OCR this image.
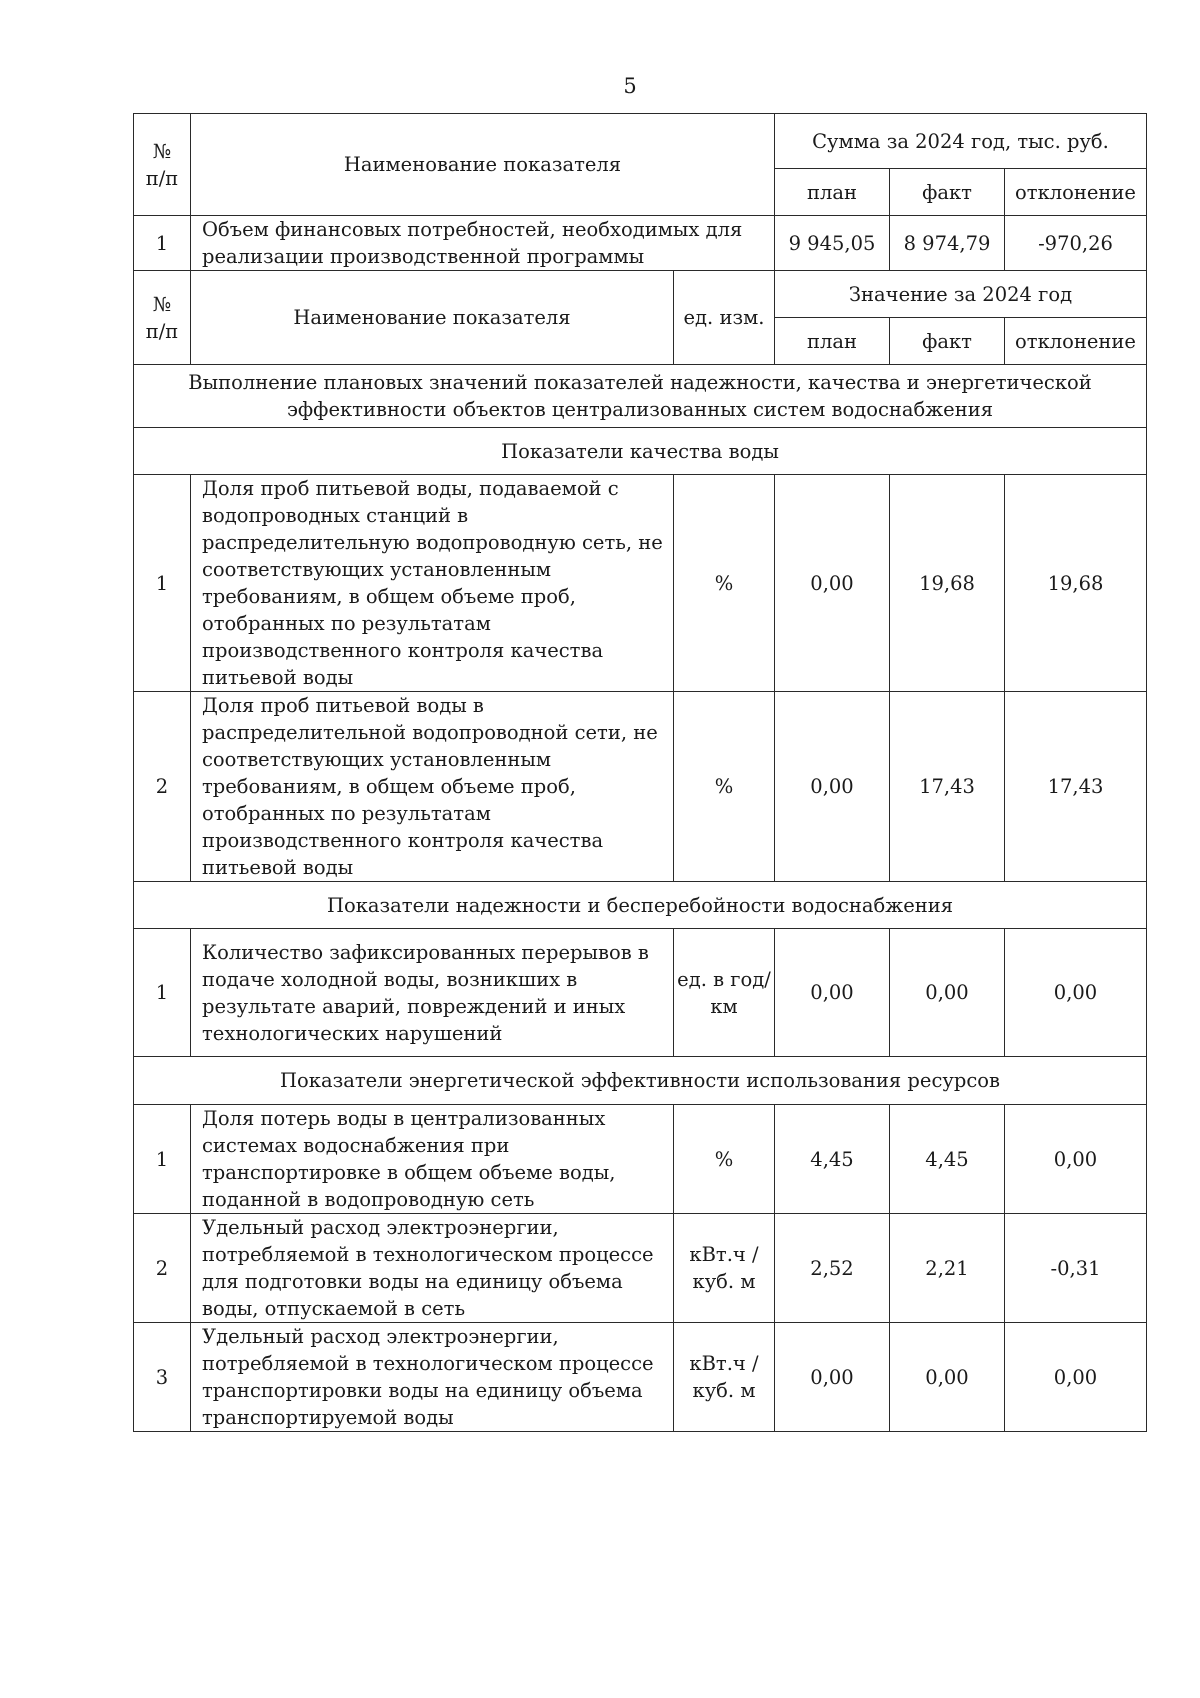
5
№
п/п	Наименование показателя		Сумма за 2024 год, тыс. руб.		
			план	факт	отклонение
1	Объем финансовых потребностей, необходимых для реализации производственной программы		9 945,05	8 974,79	-970,26
№
п/п	Наименование показателя	ед. изм.	Значение за 2024 год		
			план	факт	отклонение
Выполнение плановых значений показателей надежности, качества и энергетической эффективности объектов централизованных систем водоснабжения					
Показатели качества воды					
1	Доля проб питьевой воды, подаваемой с водопроводных станций в распределительную водопроводную сеть, не соответствующих установленным требованиям, в общем объеме проб, отобранных по результатам производственного контроля качества питьевой воды	%	0,00	19,68	19,68
2	Доля проб питьевой воды в распределительной водопроводной сети, не соответствующих установленным требованиям, в общем объеме проб, отобранных по результатам производственного контроля качества питьевой воды	%	0,00	17,43	17,43
Показатели надежности и бесперебойности водоснабжения					
1	Количество зафиксированных перерывов в подаче холодной воды, возникших в результате аварий, повреждений и иных технологических нарушений	ед. в год/ км	0,00	0,00	0,00
Показатели энергетической эффективности использования ресурсов					
1	Доля потерь воды в централизованных системах водоснабжения при транспортировке в общем объеме воды, поданной в водопроводную сеть	%	4,45	4,45	0,00
2	Удельный расход электроэнергии, потребляемой в технологическом процессе для подготовки воды на единицу объема воды, отпускаемой в сеть	кВт.ч / куб. м	2,52	2,21	-0,31
3	Удельный расход электроэнергии, потребляемой в технологическом процессе транспортировки воды на единицу объема транспортируемой воды	кВт.ч / куб. м	0,00	0,00	0,00
